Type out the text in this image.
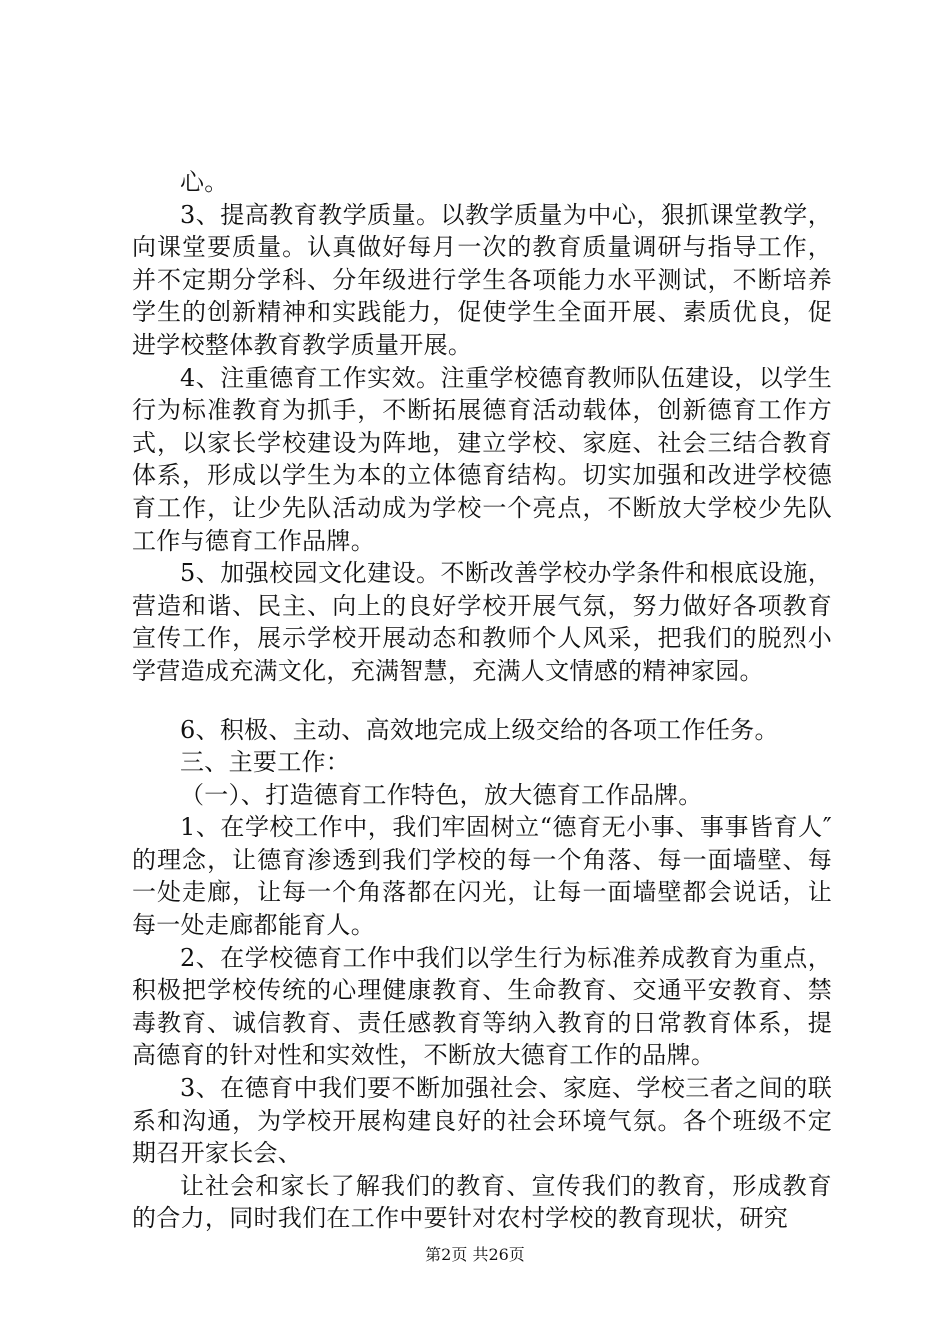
心。

3、提高教育教学质量。以教学质量为中心，狠抓课堂教学，向课堂要质量。认真做好每月一次的教育质量调研与指导工作，并不定期分学科、分年级进行学生各项能力水平测试，不断培养学生的创新精神和实践能力，促使学生全面开展、素质优良，促进学校整体教育教学质量开展。

4、注重德育工作实效。注重学校德育教师队伍建设，以学生行为标准教育为抓手，不断拓展德育活动载体，创新德育工作方式，以家长学校建设为阵地，建立学校、家庭、社会三结合教育体系，形成以学生为本的立体德育结构。切实加强和改进学校德育工作，让少先队活动成为学校一个亮点，不断放大学校少先队工作与德育工作品牌。

5、加强校园文化建设。不断改善学校办学条件和根底设施，营造和谐、民主、向上的良好学校开展气氛，努力做好各项教育宣传工作，展示学校开展动态和教师个人风采，把我们的脱烈小学营造成充满文化，充满智慧，充满人文情感的精神家园。

6、积极、主动、高效地完成上级交给的各项工作任务。

三、主要工作：

（一）、打造德育工作特色，放大德育工作品牌。

1、在学校工作中，我们牢固树立“德育无小事、事事皆育人″的理念，让德育渗透到我们学校的每一个角落、每一面墙壁、每一处走廊，让每一个角落都在闪光，让每一面墙壁都会说话，让每一处走廊都能育人。

2、在学校德育工作中我们以学生行为标准养成教育为重点，积极把学校传统的心理健康教育、生命教育、交通平安教育、禁毒教育、诚信教育、责任感教育等纳入教育的日常教育体系，提高德育的针对性和实效性，不断放大德育工作的品牌。

3、在德育中我们要不断加强社会、家庭、学校三者之间的联系和沟通，为学校开展构建良好的社会环境气氛。各个班级不定期召开家长会、

让社会和家长了解我们的教育、宣传我们的教育，形成教育的合力，同时我们在工作中要针对农村学校的教育现状，研究

第2页 共26页
